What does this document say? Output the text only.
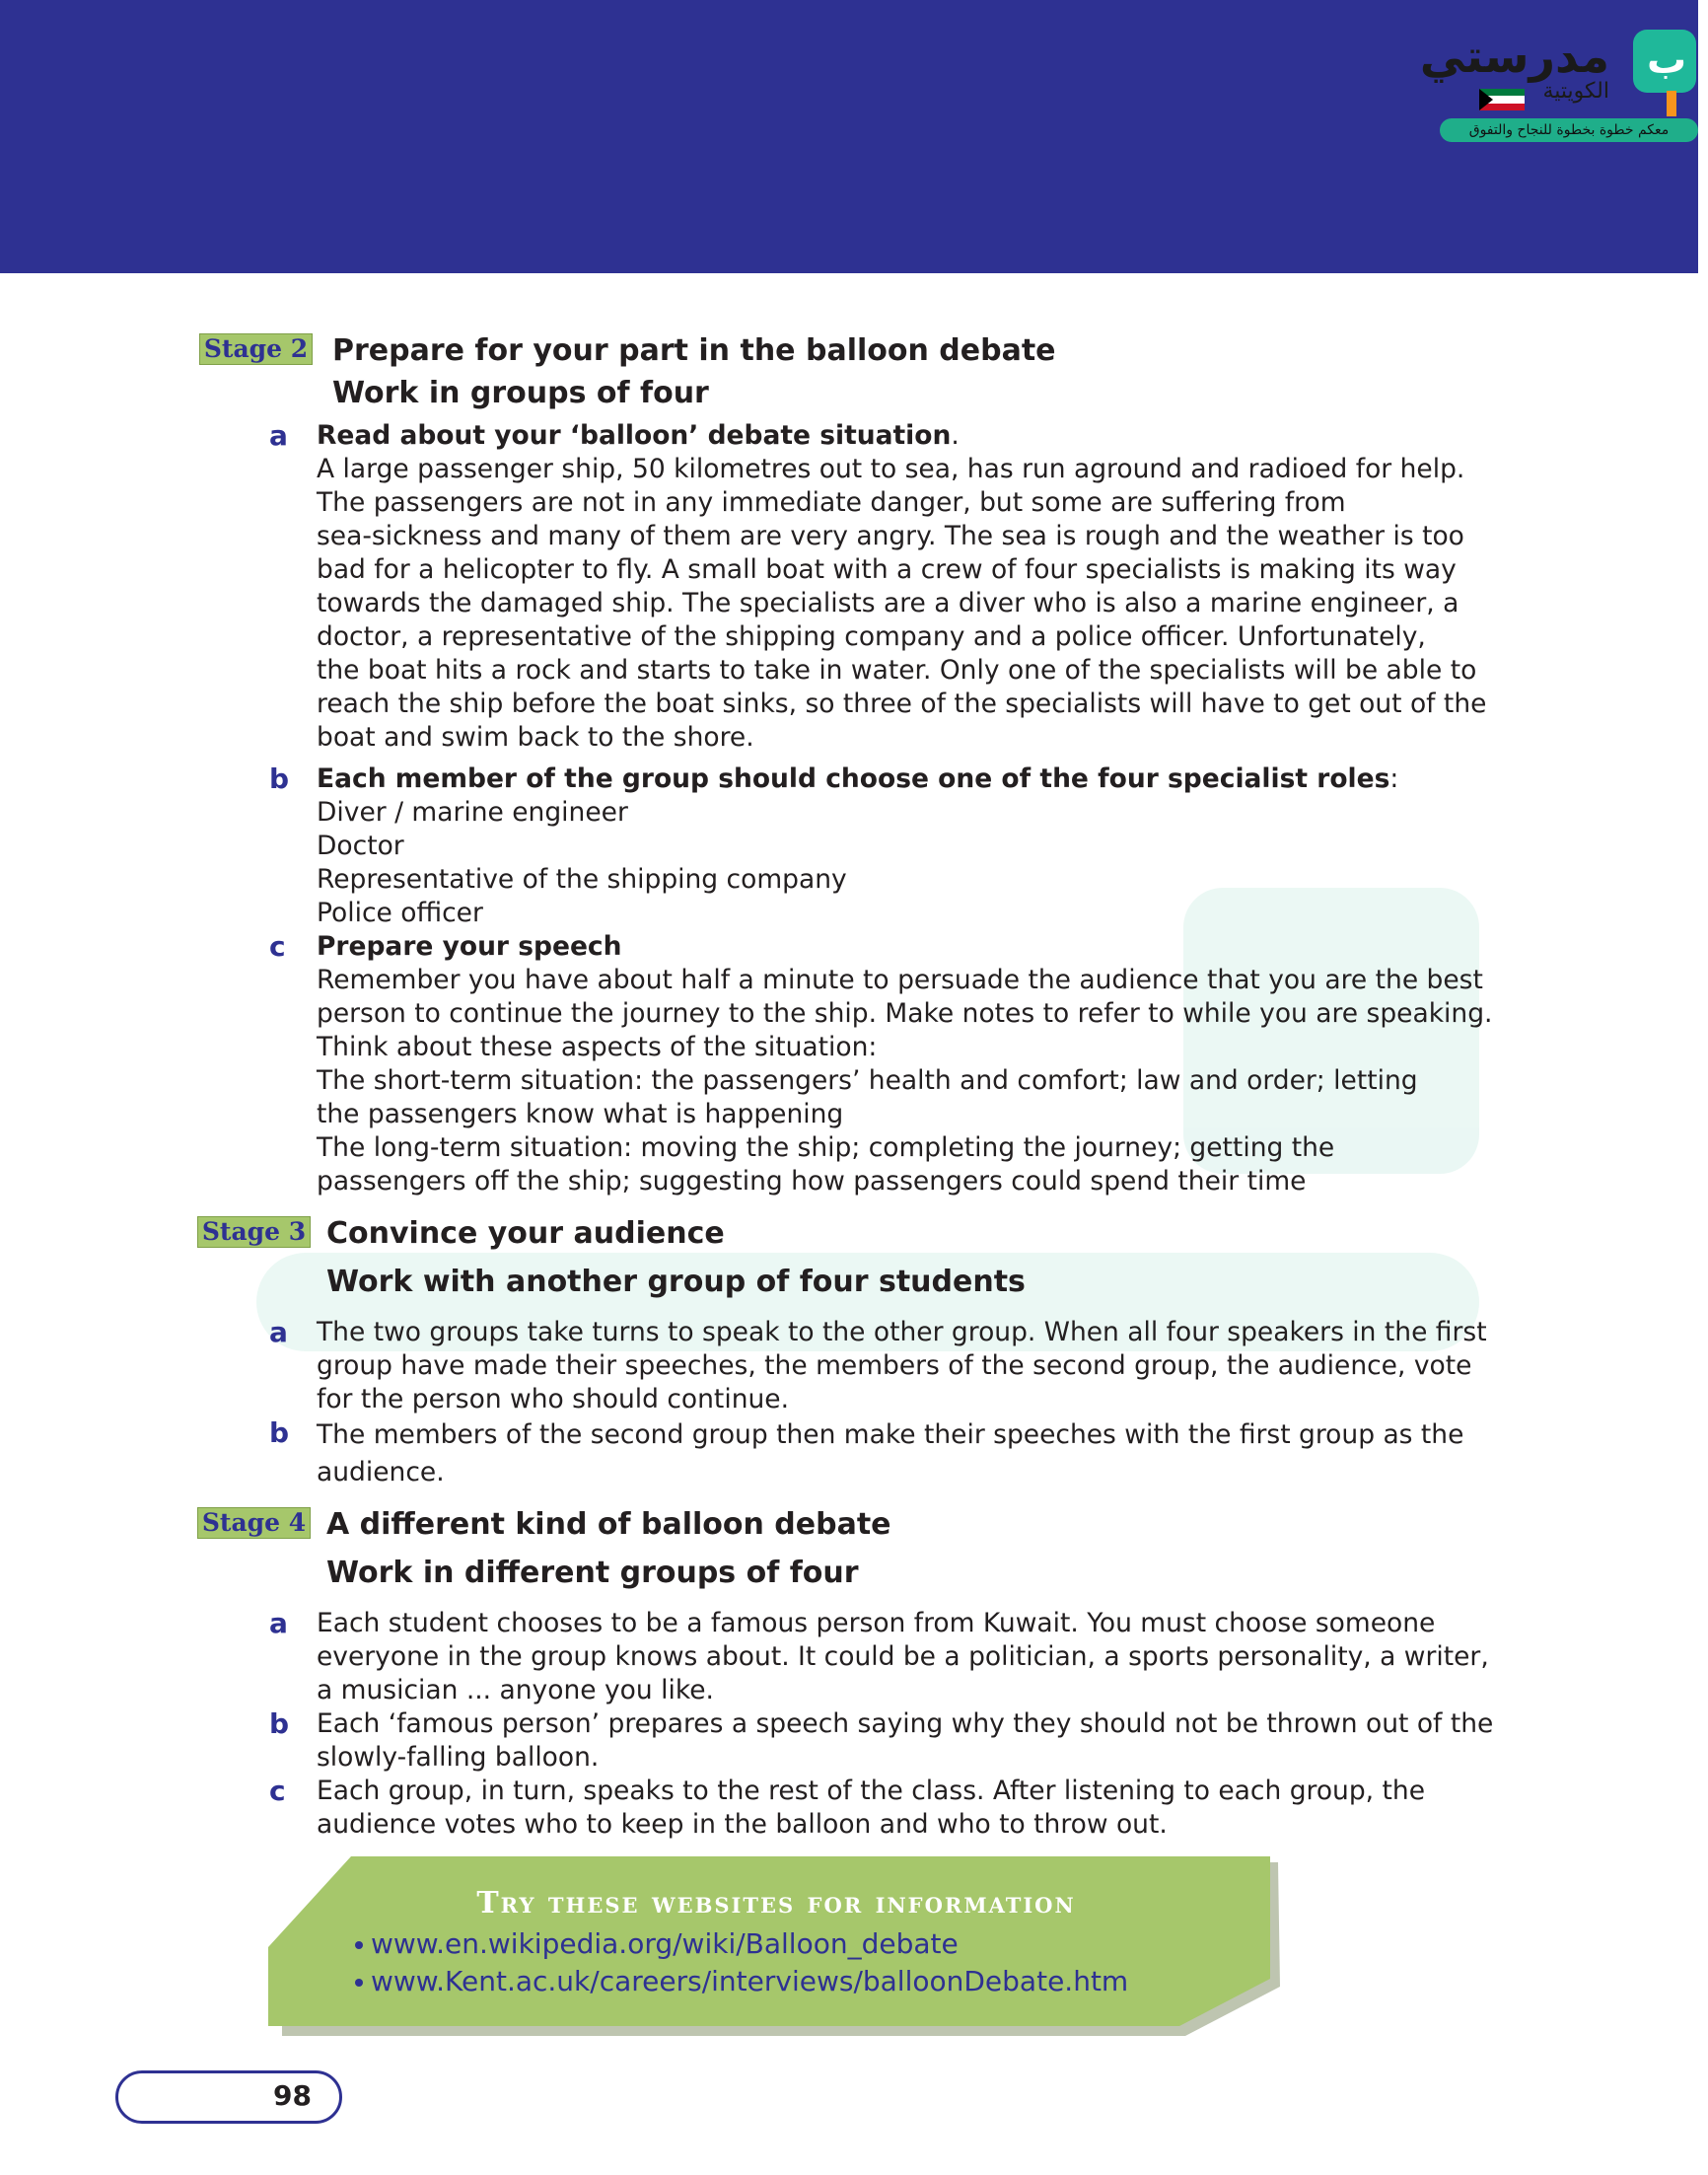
ب
مدرستي
الكويتية
معكم خطوة بخطوة للنجاح والتفوق
Stage 2 Prepare for your part in the balloon debate
Work in groups of four
a Read about your ‘balloon’ debate situation.
A large passenger ship, 50 kilometres out to sea, has run aground and radioed for help.
The passengers are not in any immediate danger, but some are suffering from
sea-sickness and many of them are very angry. The sea is rough and the weather is too
bad for a helicopter to fly. A small boat with a crew of four specialists is making its way
towards the damaged ship. The specialists are a diver who is also a marine engineer, a
doctor, a representative of the shipping company and a police officer. Unfortunately,
the boat hits a rock and starts to take in water. Only one of the specialists will be able to
reach the ship before the boat sinks, so three of the specialists will have to get out of the
boat and swim back to the shore.
b Each member of the group should choose one of the four specialist roles:
Diver / marine engineer
Doctor
Representative of the shipping company
Police officer
c Prepare your speech
Remember you have about half a minute to persuade the audience that you are the best
person to continue the journey to the ship. Make notes to refer to while you are speaking.
Think about these aspects of the situation:
The short-term situation: the passengers’ health and comfort; law and order; letting
the passengers know what is happening
The long-term situation: moving the ship; completing the journey; getting the
passengers off the ship; suggesting how passengers could spend their time
Stage 3 Convince your audience
Work with another group of four students
a The two groups take turns to speak to the other group. When all four speakers in the first
group have made their speeches, the members of the second group, the audience, vote
for the person who should continue.
b The members of the second group then make their speeches with the first group as the
audience.
Stage 4 A different kind of balloon debate
Work in different groups of four
a Each student chooses to be a famous person from Kuwait. You must choose someone
everyone in the group knows about. It could be a politician, a sports personality, a writer,
a musician ... anyone you like.
b Each ‘famous person’ prepares a speech saying why they should not be thrown out of the
slowly-falling balloon.
c Each group, in turn, speaks to the rest of the class. After listening to each group, the
audience votes who to keep in the balloon and who to throw out.
Try these websites for information
www.en.wikipedia.org/wiki/Balloon_debate
www.Kent.ac.uk/careers/interviews/balloonDebate.htm
98
